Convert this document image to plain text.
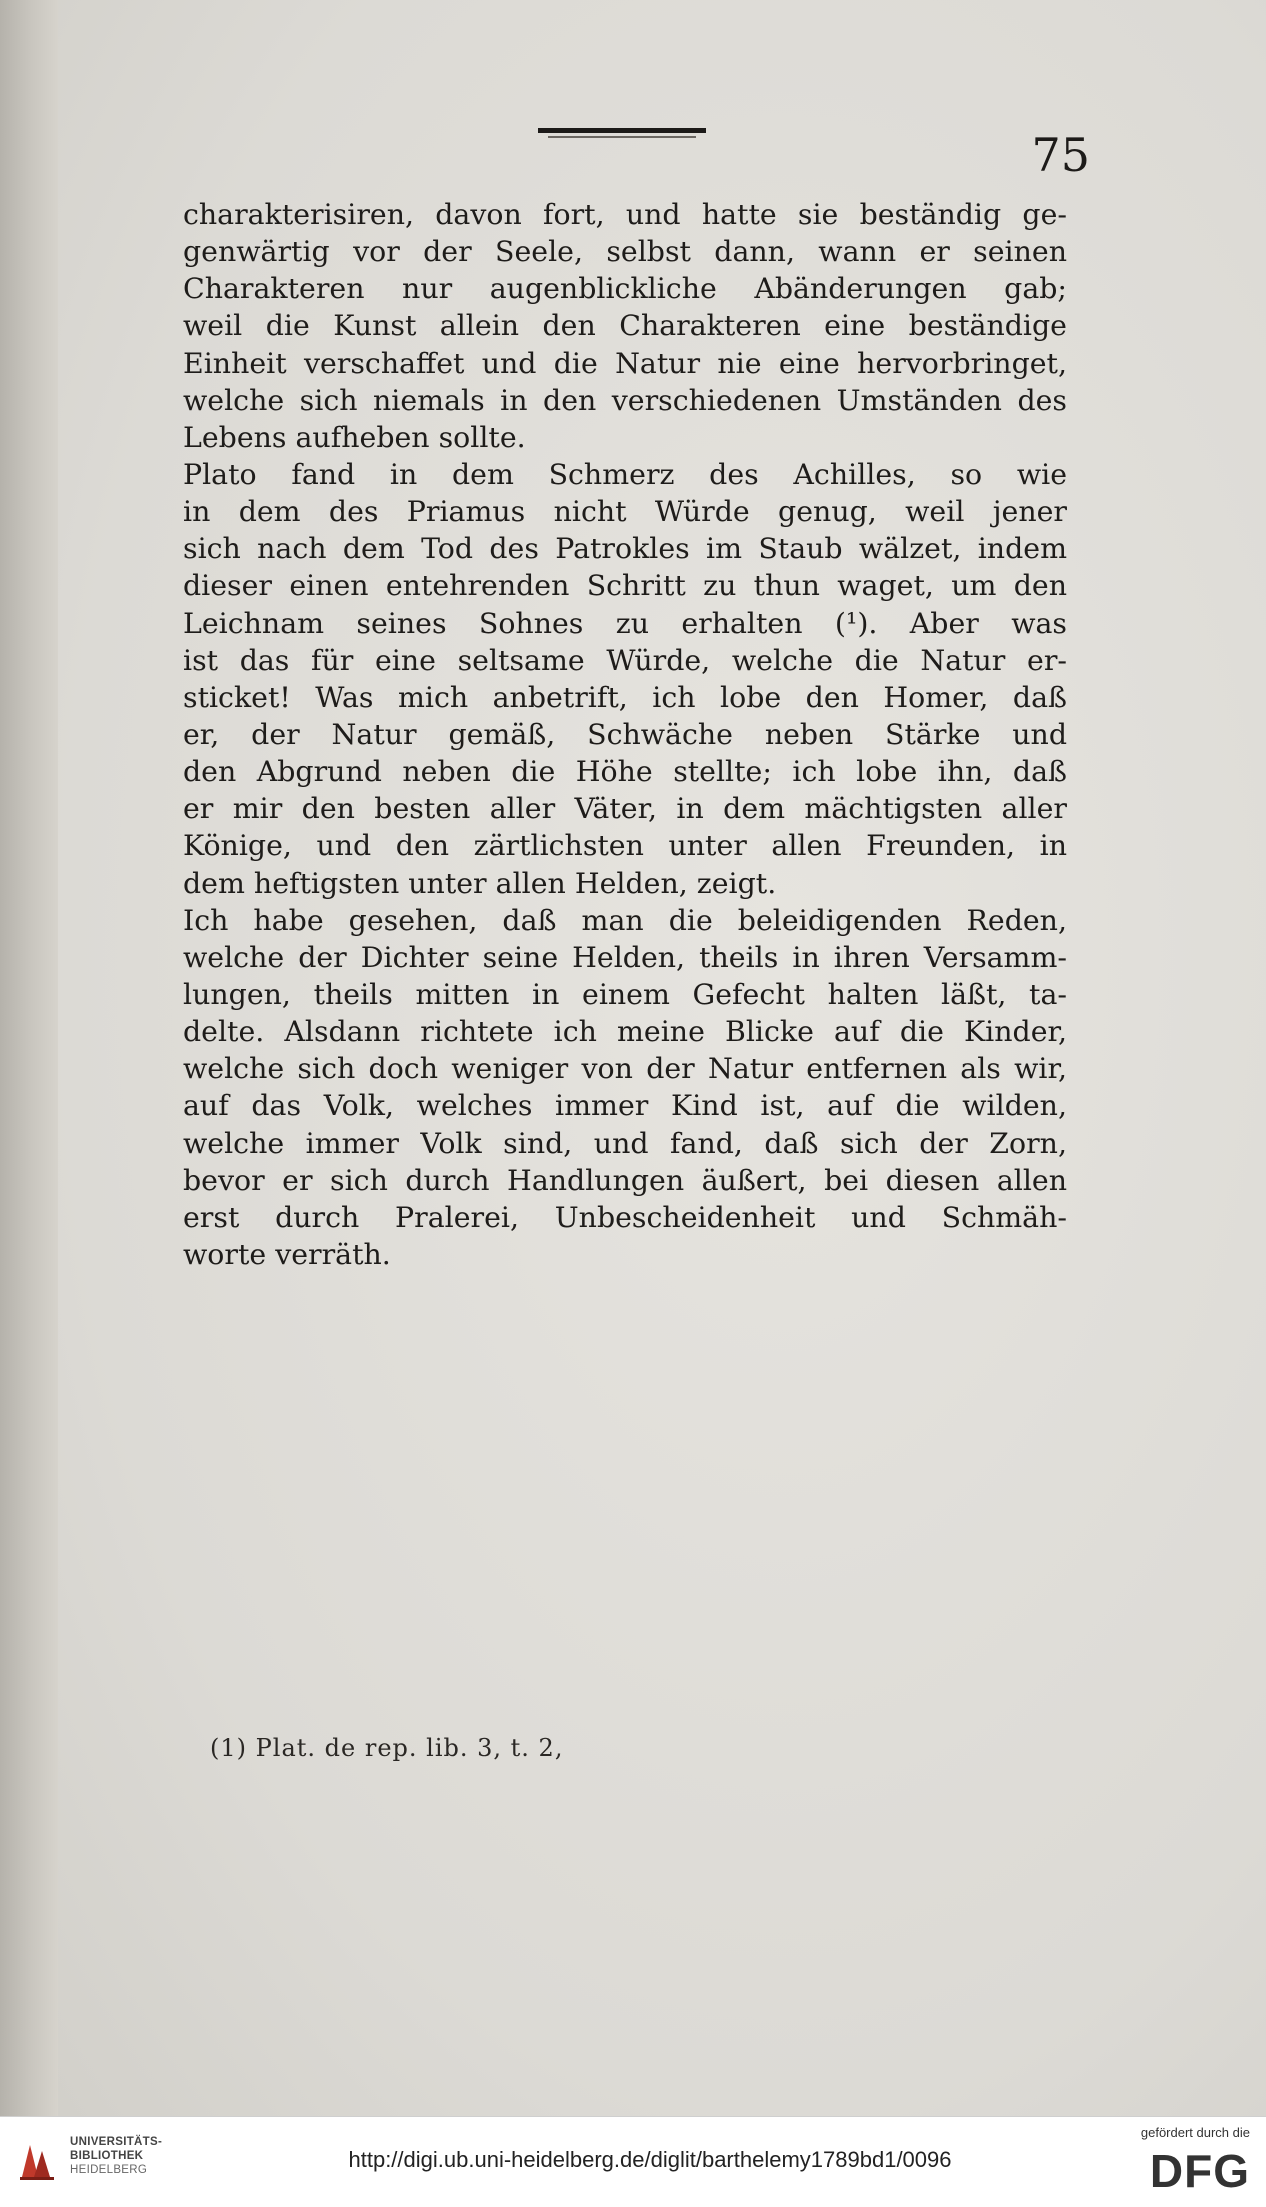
75
charakterisiren, davon fort, und hatte sie beständig ge-
genwärtig vor der Seele, selbst dann, wann er seinen
Charakteren nur augenblickliche Abänderungen gab;
weil die Kunst allein den Charakteren eine beständige
Einheit verschaffet und die Natur nie eine hervorbringet,
welche sich niemals in den verschiedenen Umständen des
Lebens aufheben sollte.
Plato fand in dem Schmerz des Achilles, so wie
in dem des Priamus nicht Würde genug, weil jener
sich nach dem Tod des Patrokles im Staub wälzet, indem
dieser einen entehrenden Schritt zu thun waget, um den
Leichnam seines Sohnes zu erhalten (¹). Aber was
ist das für eine seltsame Würde, welche die Natur er-
sticket! Was mich anbetrift, ich lobe den Homer, daß
er, der Natur gemäß, Schwäche neben Stärke und
den Abgrund neben die Höhe stellte; ich lobe ihn, daß
er mir den besten aller Väter, in dem mächtigsten aller
Könige, und den zärtlichsten unter allen Freunden, in
dem heftigsten unter allen Helden, zeigt.
Ich habe gesehen, daß man die beleidigenden Reden,
welche der Dichter seine Helden, theils in ihren Versamm-
lungen, theils mitten in einem Gefecht halten läßt, ta-
delte. Alsdann richtete ich meine Blicke auf die Kinder,
welche sich doch weniger von der Natur entfernen als wir,
auf das Volk, welches immer Kind ist, auf die wilden,
welche immer Volk sind, und fand, daß sich der Zorn,
bevor er sich durch Handlungen äußert, bei diesen allen
erst durch Pralerei, Unbescheidenheit und Schmäh-
worte verräth.
(1) Plat. de rep. lib. 3, t. 2,
UNIVERSITÄTS-
BIBLIOTHEK
HEIDELBERG	http://digi.ub.uni-heidelberg.de/diglit/barthelemy1789bd1/0096
gefördert durch die
DFG
